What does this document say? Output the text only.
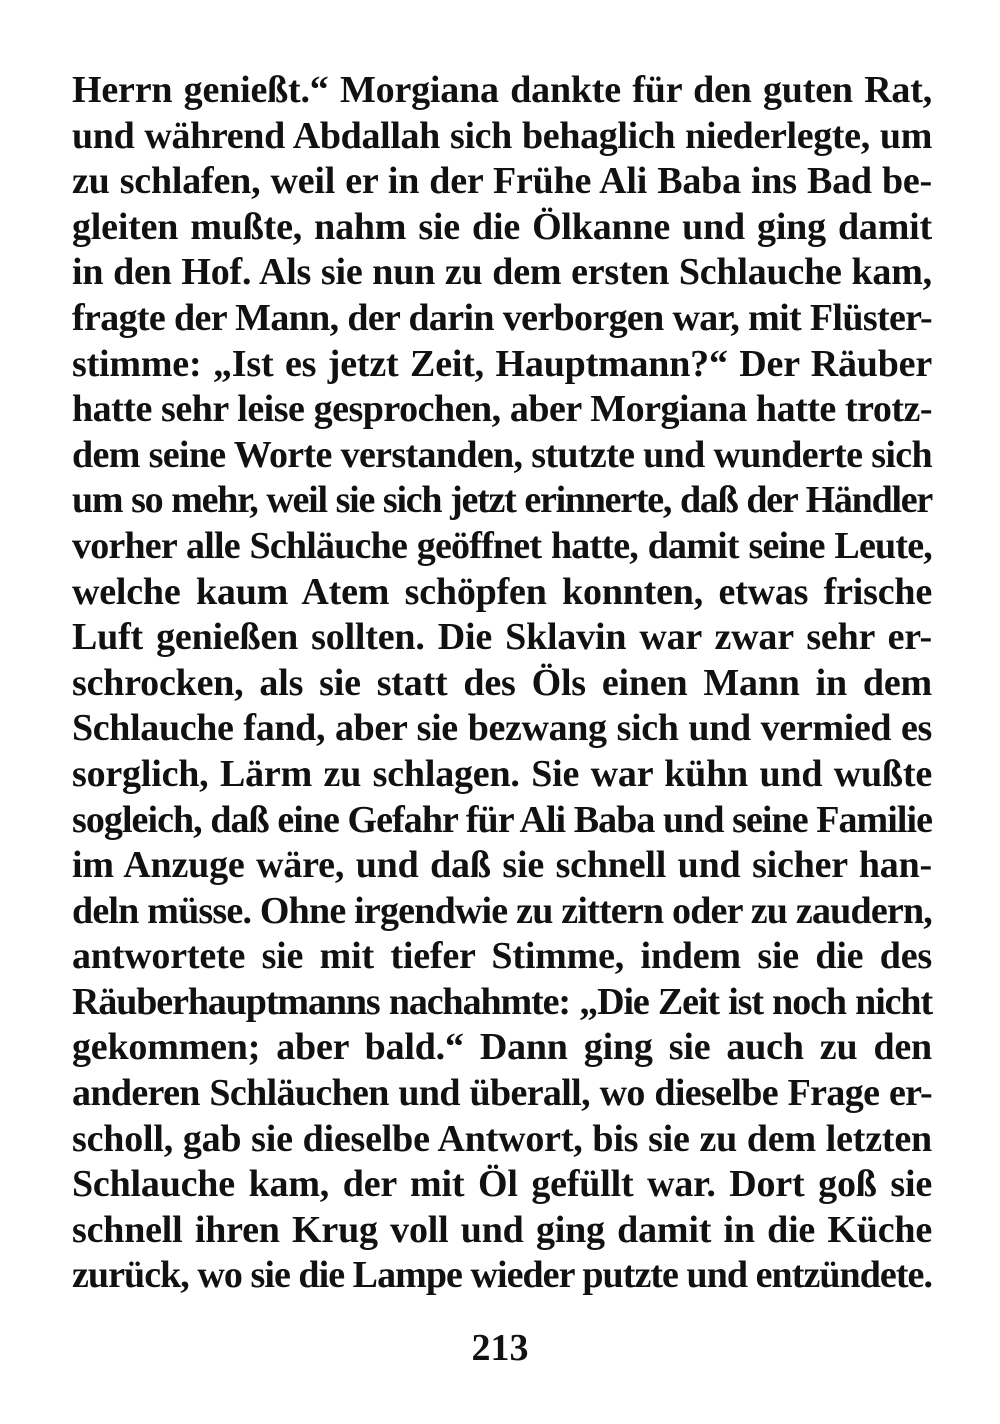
Herrn genießt.“ Morgiana dankte für den guten Rat,
und während Abdallah sich behaglich niederlegte, um
zu schlafen, weil er in der Frühe Ali Baba ins Bad be-
gleiten mußte, nahm sie die Ölkanne und ging damit
in den Hof. Als sie nun zu dem ersten Schlauche kam,
fragte der Mann, der darin verborgen war, mit Flüster-
stimme: „Ist es jetzt Zeit, Hauptmann?“ Der Räuber
hatte sehr leise gesprochen, aber Morgiana hatte trotz-
dem seine Worte verstanden, stutzte und wunderte sich
um so mehr, weil sie sich jetzt erinnerte, daß der Händler
vorher alle Schläuche geöffnet hatte, damit seine Leute,
welche kaum Atem schöpfen konnten, etwas frische
Luft genießen sollten. Die Sklavin war zwar sehr er-
schrocken, als sie statt des Öls einen Mann in dem
Schlauche fand, aber sie bezwang sich und vermied es
sorglich, Lärm zu schlagen. Sie war kühn und wußte
sogleich, daß eine Gefahr für Ali Baba und seine Familie
im Anzuge wäre, und daß sie schnell und sicher han-
deln müsse. Ohne irgendwie zu zittern oder zu zaudern,
antwortete sie mit tiefer Stimme, indem sie die des
Räuberhauptmanns nachahmte: „Die Zeit ist noch nicht
gekommen; aber bald.“ Dann ging sie auch zu den
anderen Schläuchen und überall, wo dieselbe Frage er-
scholl, gab sie dieselbe Antwort, bis sie zu dem letzten
Schlauche kam, der mit Öl gefüllt war. Dort goß sie
schnell ihren Krug voll und ging damit in die Küche
zurück, wo sie die Lampe wieder putzte und entzündete.
213
